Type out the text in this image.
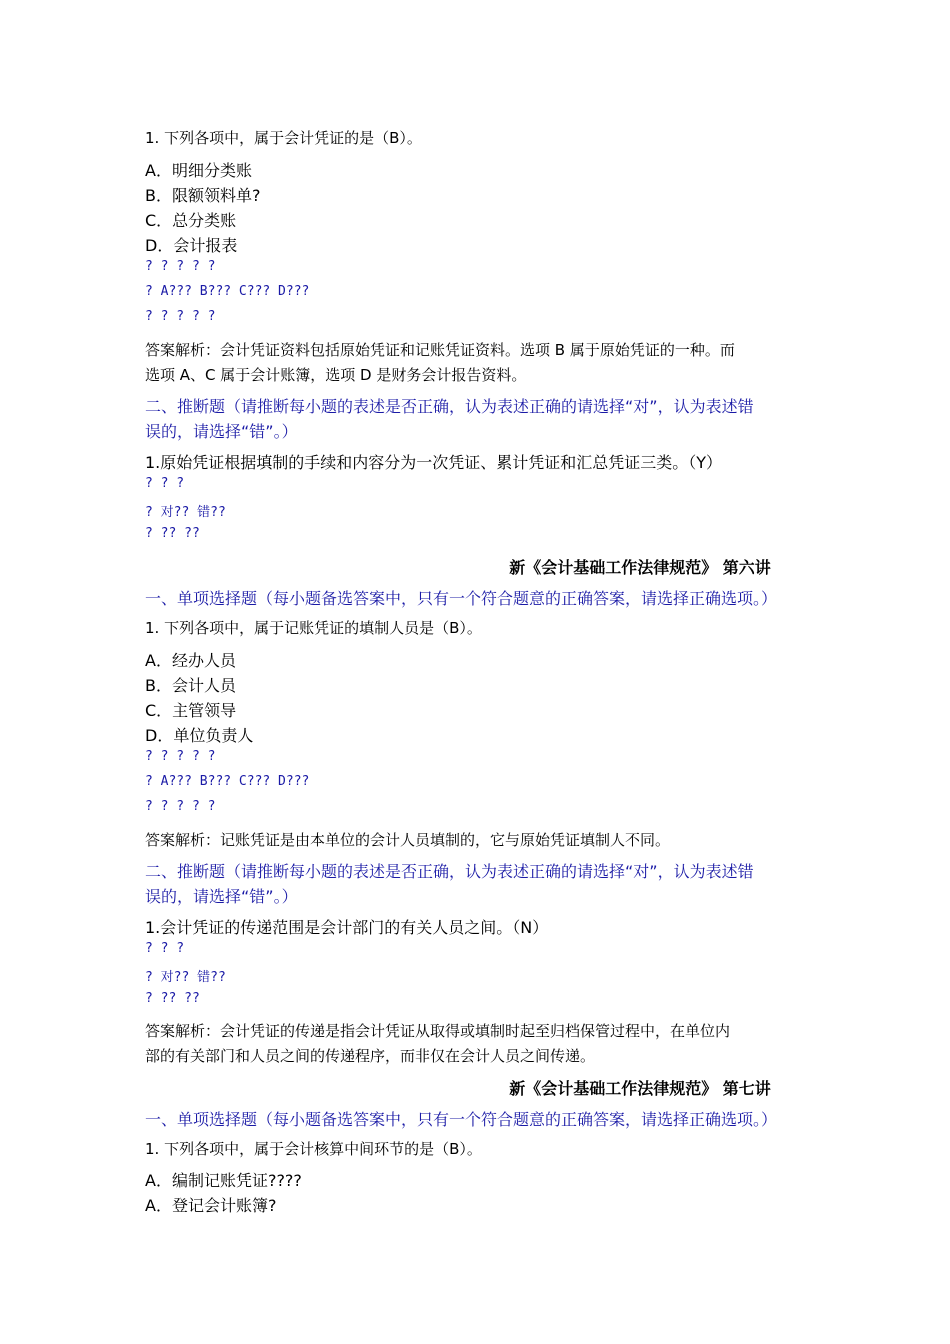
1. 下列各项中，属于会计凭证的是（B）。
A．明细分类账
B．限额领料单?
C．总分类账
D．会计报表
? ? ? ? ?
? A??? B??? C??? D???
? ? ? ? ?
答案解析：会计凭证资料包括原始凭证和记账凭证资料。选项 B 属于原始凭证的一种。而
选项 A、C 属于会计账簿，选项 D 是财务会计报告资料。
二、推断题（请推断每小题的表述是否正确，认为表述正确的请选择“对”，认为表述错
误的，请选择“错”。）
1.原始凭证根据填制的手续和内容分为一次凭证、累计凭证和汇总凭证三类。（Y）
? ? ?
? 对?? 错??
? ?? ??
新《会计基础工作法律规范》 第六讲
一、单项选择题（每小题备选答案中，只有一个符合题意的正确答案，请选择正确选项。）
1. 下列各项中，属于记账凭证的填制人员是（B）。
A．经办人员
B．会计人员
C．主管领导
D．单位负责人
? ? ? ? ?
? A??? B??? C??? D???
? ? ? ? ?
答案解析：记账凭证是由本单位的会计人员填制的，它与原始凭证填制人不同。
二、推断题（请推断每小题的表述是否正确，认为表述正确的请选择“对”，认为表述错
误的，请选择“错”。）
1.会计凭证的传递范围是会计部门的有关人员之间。（N）
? ? ?
? 对?? 错??
? ?? ??
答案解析：会计凭证的传递是指会计凭证从取得或填制时起至归档保管过程中，在单位内
部的有关部门和人员之间的传递程序，而非仅在会计人员之间传递。
新《会计基础工作法律规范》 第七讲
一、单项选择题（每小题备选答案中，只有一个符合题意的正确答案，请选择正确选项。）
1. 下列各项中，属于会计核算中间环节的是（B）。
A．编制记账凭证????
A．登记会计账簿?
